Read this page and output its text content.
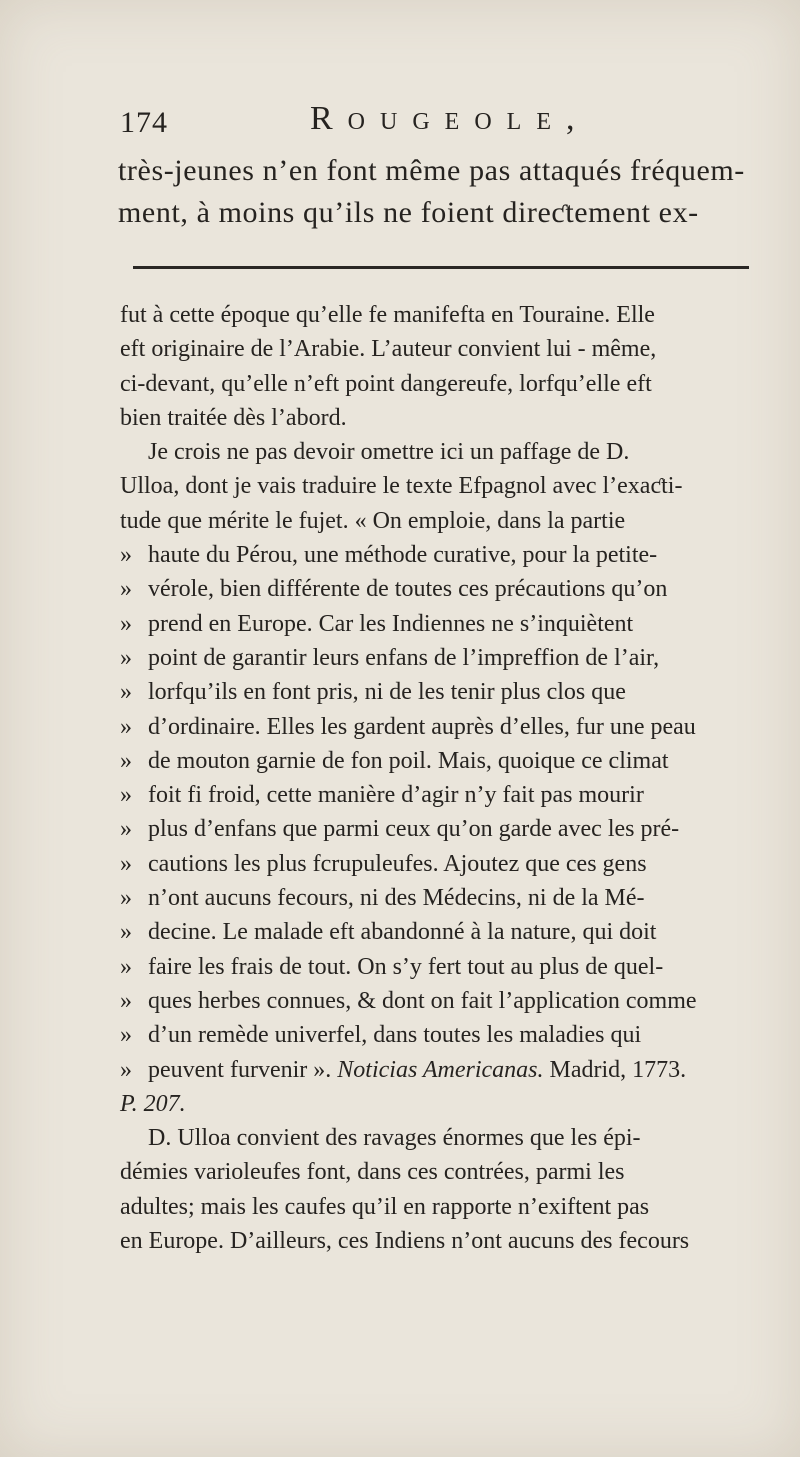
174	Rougeole,
très-jeunes n’en font même pas attaqués fréquem-
ment, à moins qu’ils ne foient direƈtement ex-
fut à cette époque qu’elle fe manifefta en Touraine. Elle
eft originaire de l’Arabie. L’auteur convient lui - même,
ci-devant, qu’elle n’eft point dangereufe, lorfqu’elle eft
bien traitée dès l’abord.
Je crois ne pas devoir omettre ici un paffage de D.
Ulloa, dont je vais traduire le texte Efpagnol avec l’exaƈti-
tude que mérite le fujet. « On emploie, dans la partie
» haute du Pérou, une méthode curative, pour la petite-
» vérole, bien différente de toutes ces précautions qu’on
» prend en Europe. Car les Indiennes ne s’inquiètent
» point de garantir leurs enfans de l’impreffion de l’air,
» lorfqu’ils en font pris, ni de les tenir plus clos que
» d’ordinaire. Elles les gardent auprès d’elles, fur une peau
» de mouton garnie de fon poil. Mais, quoique ce climat
» foit fi froid, cette manière d’agir n’y fait pas mourir
» plus d’enfans que parmi ceux qu’on garde avec les pré-
» cautions les plus fcrupuleufes. Ajoutez que ces gens
» n’ont aucuns fecours, ni des Médecins, ni de la Mé-
» decine. Le malade eft abandonné à la nature, qui doit
» faire les frais de tout. On s’y fert tout au plus de quel-
» ques herbes connues, & dont on fait l’application comme
» d’un remède univerfel, dans toutes les maladies qui
» peuvent furvenir ». Noticias Americanas. Madrid, 1773.
P. 207.
D. Ulloa convient des ravages énormes que les épi-
démies varioleufes font, dans ces contrées, parmi les
adultes; mais les caufes qu’il en rapporte n’exiftent pas
en Europe. D’ailleurs, ces Indiens n’ont aucuns des fecours
